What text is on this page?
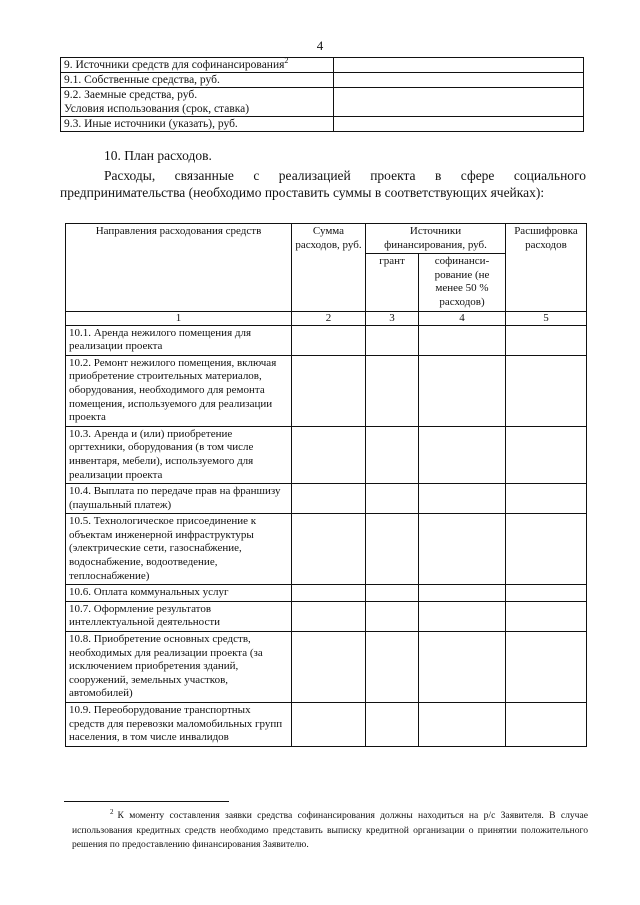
4
9. Источники средств для софинансирования$^2$	
9.1. Собственные средства, руб.	

9.2. Заемные средства, руб.
Условия использования (срок, ставка)	

9.3. Иные источники (указать), руб.	
10. План расходов.
Расходы, связанные с реализацией проекта в сфере социального предпринимательства (необходимо проставить суммы в соответствующих ячейках):
Направления расходования средств	Сумма расходов, руб.	Источники финансирования, руб.		Расшифровка расходов
		грант	софинанси- рование (не менее 50 % расходов)	
1	2	3	4	5
10.1. Аренда нежилого помещения для реализации проекта				
10.2. Ремонт нежилого помещения, включая приобретение строительных материалов, оборудования, необходимого для ремонта помещения, используемого для реализации проекта				
10.3. Аренда и (или) приобретение оргтехники, оборудования (в том числе инвентаря, мебели), используемого для реализации проекта				
10.4. Выплата по передаче прав на франшизу (паушальный платеж)				
10.5. Технологическое присоединение к объектам инженерной инфраструктуры (электрические сети, газоснабжение, водоснабжение, водоотведение, теплоснабжение)				
10.6. Оплата коммунальных услуг				
10.7. Оформление результатов интеллектуальной деятельности				
10.8. Приобретение основных средств, необходимых для реализации проекта (за исключением приобретения зданий, сооружений, земельных участков, автомобилей)				
10.9. Переоборудование транспортных средств для перевозки маломобильных групп населения, в том числе инвалидов				
$^2$ К моменту составления заявки средства софинансирования должны находиться на р/с Заявителя. В случае использования кредитных средств необходимо представить выписку кредитной организации о принятии положительного решения по предоставлению финансирования Заявителю.
